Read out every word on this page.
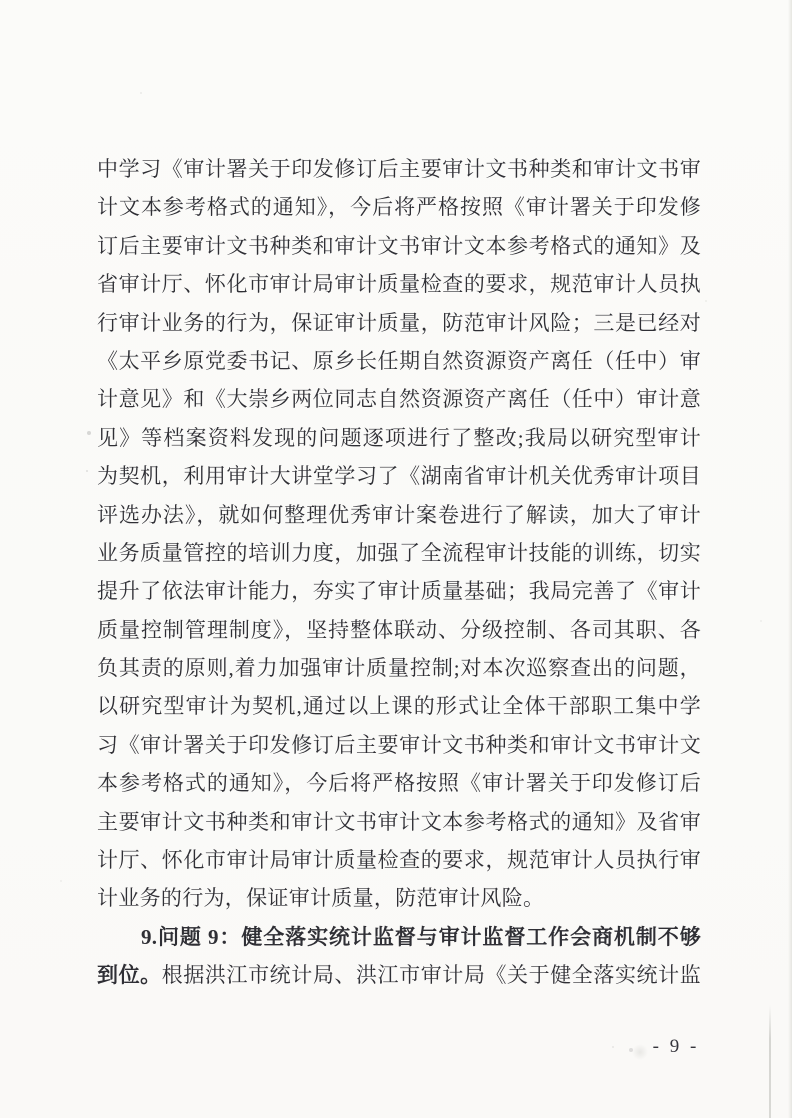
中学习《审计署关于印发修订后主要审计文书种类和审计文书审
计文本参考格式的通知》，今后将严格按照《审计署关于印发修
订后主要审计文书种类和审计文书审计文本参考格式的通知》及
省审计厅、怀化市审计局审计质量检查的要求，规范审计人员执
行审计业务的行为，保证审计质量，防范审计风险；三是已经对
《太平乡原党委书记、原乡长任期自然资源资产离任（任中）审
计意见》和《大崇乡两位同志自然资源资产离任（任中）审计意
见》等档案资料发现的问题逐项进行了整改;我局以研究型审计
为契机，利用审计大讲堂学习了《湖南省审计机关优秀审计项目
评选办法》，就如何整理优秀审计案卷进行了解读，加大了审计
业务质量管控的培训力度，加强了全流程审计技能的训练，切实
提升了依法审计能力，夯实了审计质量基础；我局完善了《审计
质量控制管理制度》，坚持整体联动、分级控制、各司其职、各
负其责的原则,着力加强审计质量控制;对本次巡察查出的问题，
以研究型审计为契机,通过以上课的形式让全体干部职工集中学
习《审计署关于印发修订后主要审计文书种类和审计文书审计文
本参考格式的通知》，今后将严格按照《审计署关于印发修订后
主要审计文书种类和审计文书审计文本参考格式的通知》及省审
计厅、怀化市审计局审计质量检查的要求，规范审计人员执行审
计业务的行为，保证审计质量，防范审计风险。
9.问题 9：健全落实统计监督与审计监督工作会商机制不够
到位。根据洪江市统计局、洪江市审计局《关于健全落实统计监
- 9 -
